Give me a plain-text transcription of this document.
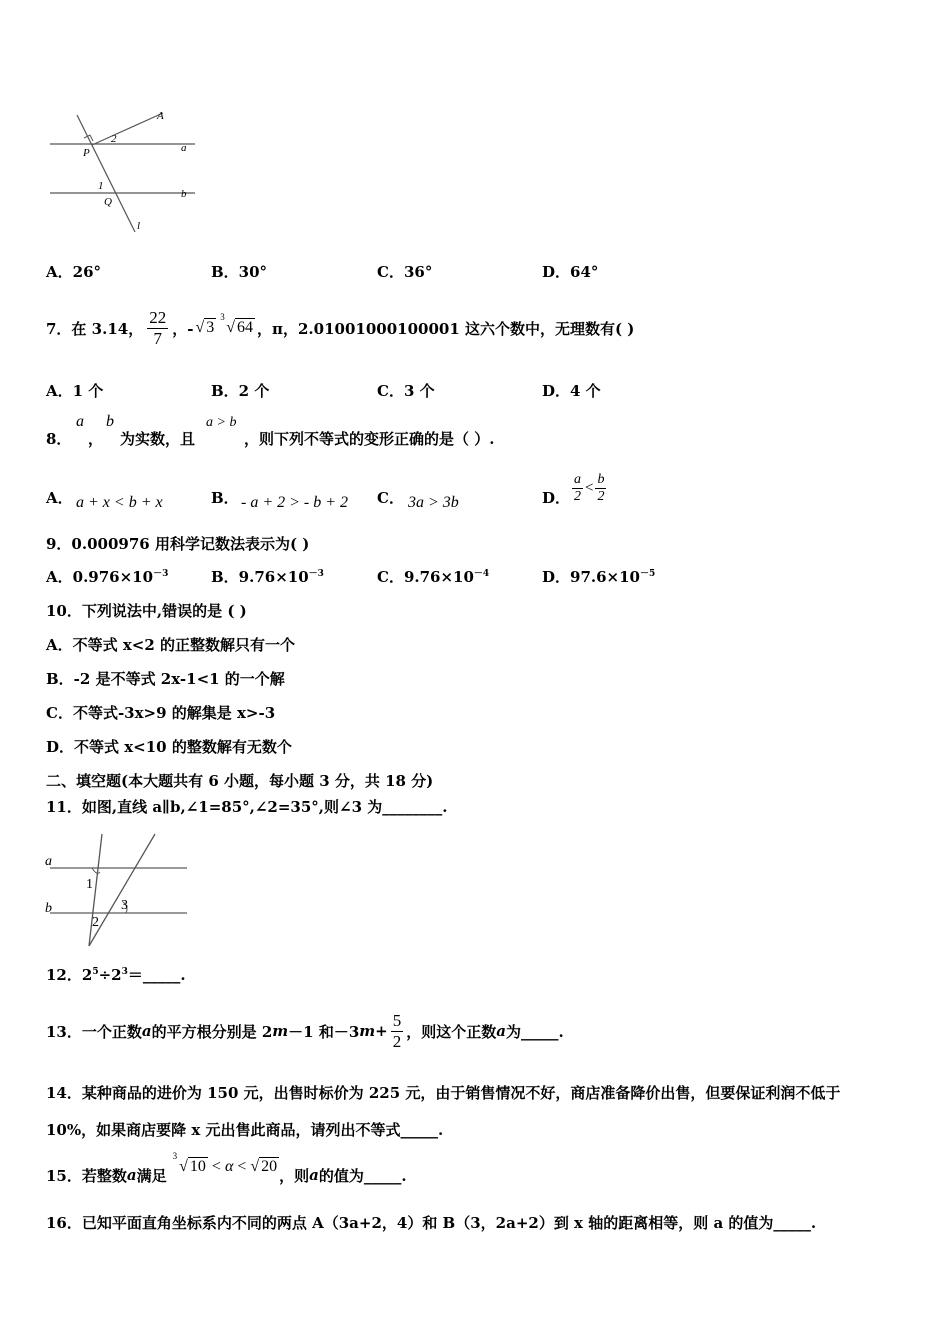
A
2
P	a
1
Q
b
l
A．26°	B．30°	C．36°	D．64°
7．在 3.14， $\frac{22}{7}$ ，- √ 3
3
√ 64 ，π，2.01001000100001 这六个数中，无理数有( )
A．1 个	B．2 个	C．3 个	D．4 个
8．
a
，
b
为实数，且
a > b
，则下列不等式的变形正确的是（ ）.
A． a + x < b + x	B． - a + 2 > - b + 2 C． 3a > 3b	D． $\frac{a}{2} < \frac{b}{2}$
9．0.000976 用科学记数法表示为( )
A．$0.976\times 10^{-3}$	B．$9.76\times 10^{-3}$	C．$9.76\times 10^{-4}$	D．$97.6\times 10^{-5}$
10．下列说法中,错误的是 ( )
A．不等式 x<2 的正整数解只有一个
B．-2 是不等式 2x-1<1 的一个解
C．不等式-3x>9 的解集是 x>-3
D．不等式 x<10 的整数解有无数个
二、填空题(本大题共有 6 小题，每小题 3 分，共 18 分)
11．如图,直线 a∥b,∠1=85°,∠2=35°,则∠3 为________.
a
b
1
2
3
12．$2^5\div 2^3=\_\_\_\_\_$.
13．一个正数 a 的平方根分别是 2 m －1 和－3 $m + \frac{5}{2}$ ，则这个正数 a 为_____.
14．某种商品的进价为 150 元，出售时标价为 225 元，由于销售情况不好，商店准备降价出售，但要保证利润不低于
10%，如果商店要降 x 元出售此商品，请列出不等式_____.
15．若整数 a 满足
$^3$√ 10 < α < √ 20 ，则 a 的值为_____.
16．已知平面直角坐标系内不同的两点 A（3a+2，4）和 B（3，2a+2）到 x 轴的距离相等，则 a 的值为_____.
